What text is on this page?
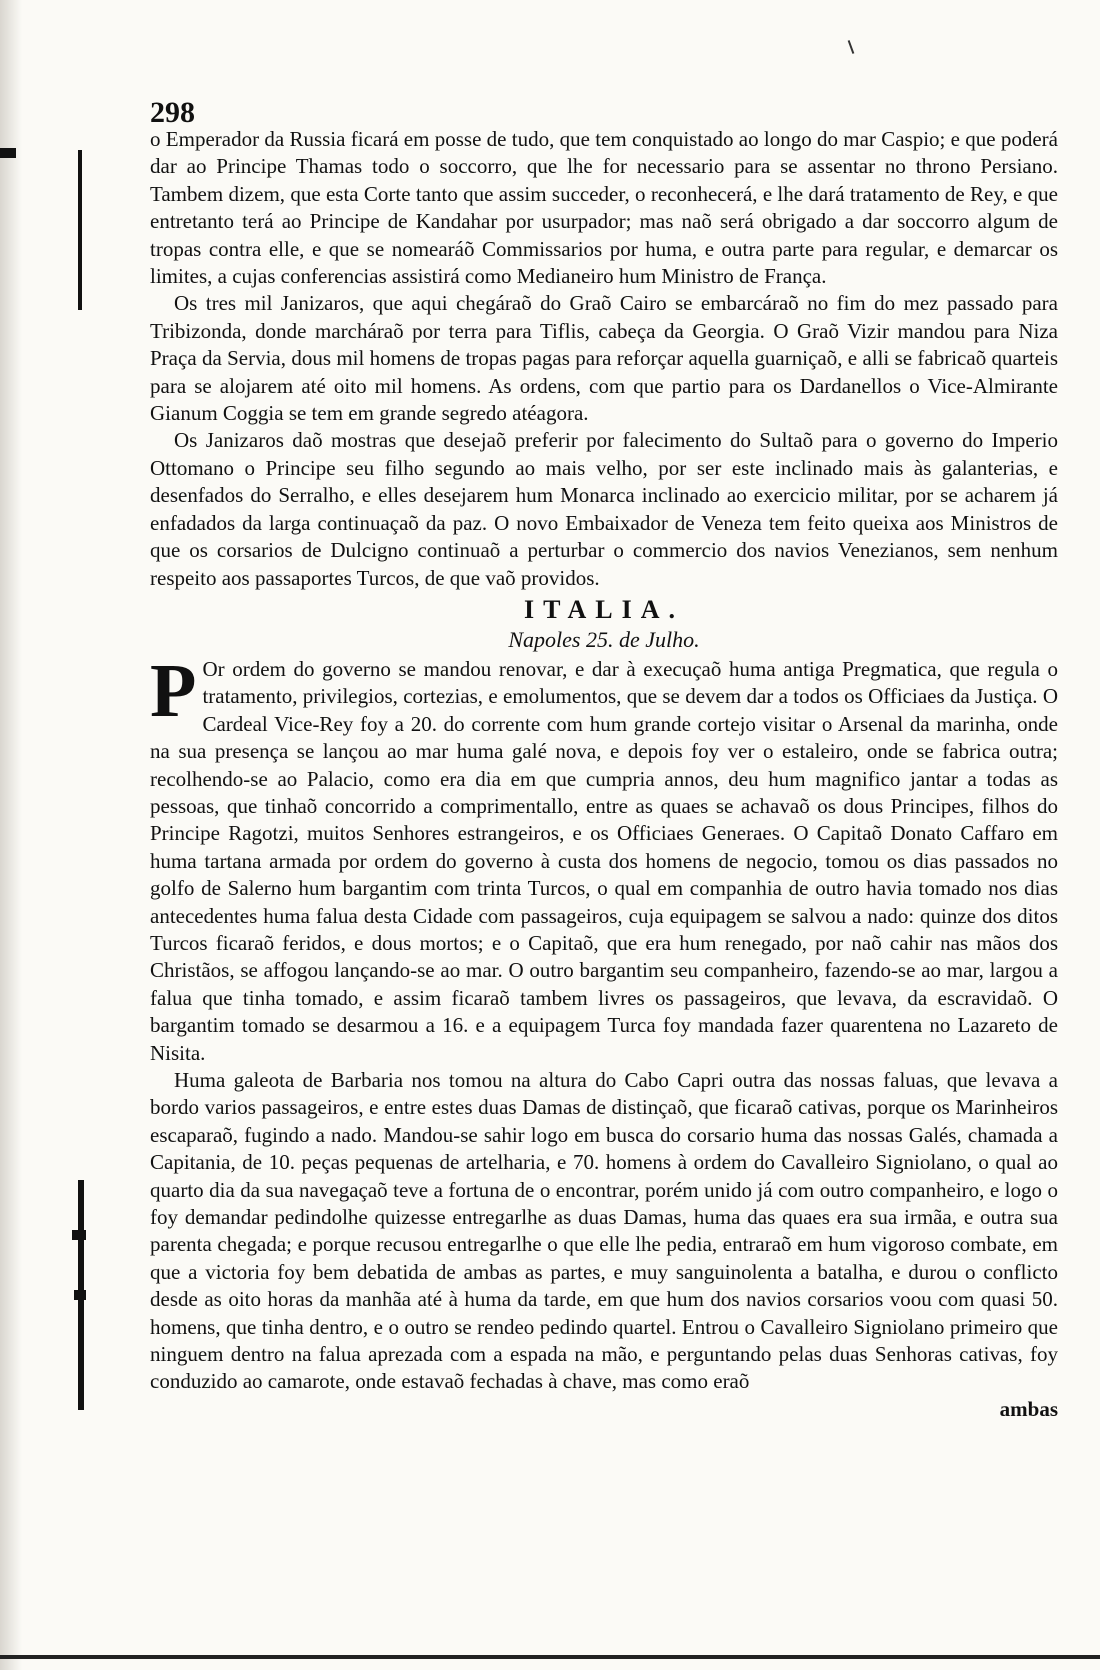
298

o Emperador da Russia ficará em posse de tudo, que tem conquistado ao longo do mar Caspio; e que poderá dar ao Principe Thamas todo o soccorro, que lhe for necessario para se assentar no throno Persiano. Tambem dizem, que esta Corte tanto que assim succeder, o reconhecerá, e lhe dará tratamento de Rey, e que entretanto terá ao Principe de Kandahar por usurpador; mas naõ será obrigado a dar soccorro algum de tropas contra elle, e que se nomearáõ Commissarios por huma, e outra parte para regular, e demarcar os limites, a cujas conferencias assistirá como Medianeiro hum Ministro de França.

Os tres mil Janizaros, que aqui chegáraõ do Graõ Cairo se embarcáraõ no fim do mez passado para Tribizonda, donde marcháraõ por terra para Tiflis, cabeça da Georgia. O Graõ Vizir mandou para Niza Praça da Servia, dous mil homens de tropas pagas para reforçar aquella guarniçaõ, e alli se fabricaõ quarteis para se alojarem até oito mil homens. As ordens, com que partio para os Dardanellos o Vice-Almirante Gianum Coggia se tem em grande segredo atéagora.

Os Janizaros daõ mostras que desejaõ preferir por falecimento do Sultaõ para o governo do Imperio Ottomano o Principe seu filho segundo ao mais velho, por ser este inclinado mais às galanterias, e desenfados do Serralho, e elles desejarem hum Monarca inclinado ao exercicio militar, por se acharem já enfadados da larga continuaçaõ da paz. O novo Embaixador de Veneza tem feito queixa aos Ministros de que os corsarios de Dulcigno continuaõ a perturbar o commercio dos navios Venezianos, sem nenhum respeito aos passaportes Turcos, de que vaõ providos.

ITALIA.
Napoles 25. de Julho.

P Or ordem do governo se mandou renovar, e dar à execuçaõ huma antiga Pregmatica, que regula o tratamento, privilegios, cortezias, e emolumentos, que se devem dar a todos os Officiaes da Justiça. O Cardeal Vice-Rey foy a 20. do corrente com hum grande cortejo visitar o Arsenal da marinha, onde na sua presença se lançou ao mar huma galé nova, e depois foy ver o estaleiro, onde se fabrica outra; recolhendo-se ao Palacio, como era dia em que cumpria annos, deu hum magnifico jantar a todas as pessoas, que tinhaõ concorrido a comprimentallo, entre as quaes se achavaõ os dous Principes, filhos do Principe Ragotzi, muitos Senhores estrangeiros, e os Officiaes Generaes. O Capitaõ Donato Caffaro em huma tartana armada por ordem do governo à custa dos homens de negocio, tomou os dias passados no golfo de Salerno hum bargantim com trinta Turcos, o qual em companhia de outro havia tomado nos dias antecedentes huma falua desta Cidade com passageiros, cuja equipagem se salvou a nado: quinze dos ditos Turcos ficaraõ feridos, e dous mortos; e o Capitaõ, que era hum renegado, por naõ cahir nas mãos dos Christãos, se affogou lançando-se ao mar. O outro bargantim seu companheiro, fazendo-se ao mar, largou a falua que tinha tomado, e assim ficaraõ tambem livres os passageiros, que levava, da escravidaõ. O bargantim tomado se desarmou a 16. e a equipagem Turca foy mandada fazer quarentena no Lazareto de Nisita.

Huma galeota de Barbaria nos tomou na altura do Cabo Capri outra das nossas faluas, que levava a bordo varios passageiros, e entre estes duas Damas de distinçaõ, que ficaraõ cativas, porque os Marinheiros escaparaõ, fugindo a nado. Mandou-se sahir logo em busca do corsario huma das nossas Galés, chamada a Capitania, de 10. peças pequenas de artelharia, e 70. homens à ordem do Cavalleiro Signiolano, o qual ao quarto dia da sua navegaçaõ teve a fortuna de o encontrar, porém unido já com outro companheiro, e logo o foy demandar pedindolhe quizesse entregarlhe as duas Damas, huma das quaes era sua irmãa, e outra sua parenta chegada; e porque recusou entregarlhe o que elle lhe pedia, entraraõ em hum vigoroso combate, em que a victoria foy bem debatida de ambas as partes, e muy sanguinolenta a batalha, e durou o conflicto desde as oito horas da manhãa até à huma da tarde, em que hum dos navios corsarios voou com quasi 50. homens, que tinha dentro, e o outro se rendeo pedindo quartel. Entrou o Cavalleiro Signiolano primeiro que ninguem dentro na falua aprezada com a espada na mão, e perguntando pelas duas Senhoras cativas, foy conduzido ao camarote, onde estavaõ fechadas à chave, mas como eraõ

ambas
